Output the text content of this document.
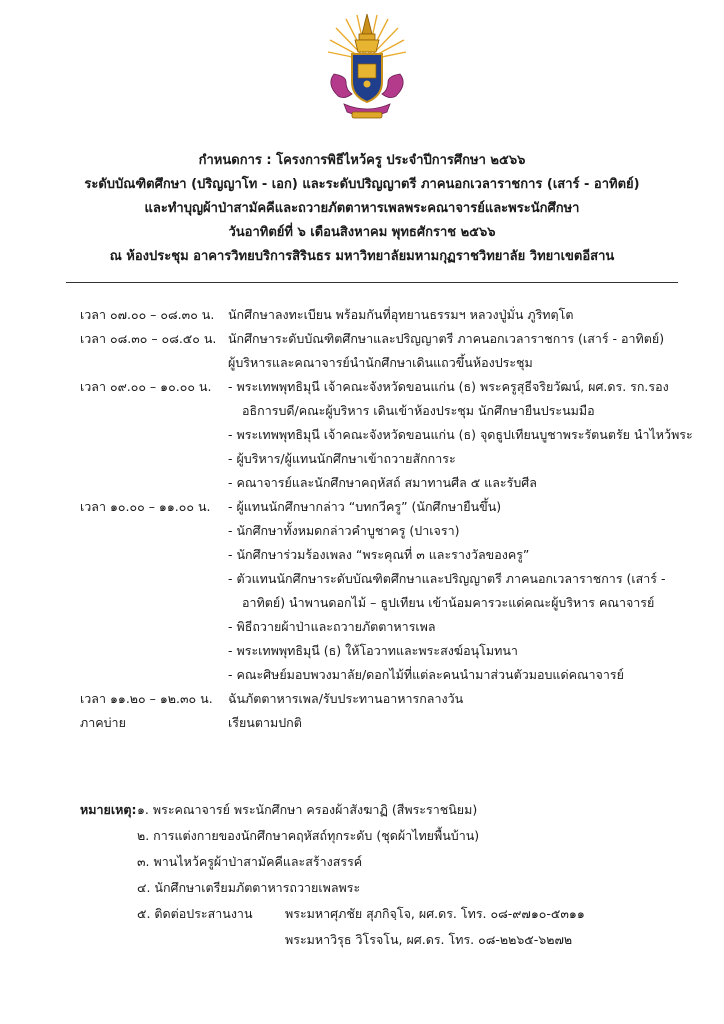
กำหนดการ : โครงการพิธีไหว้ครู ประจำปีการศึกษา ๒๕๖๖
ระดับบัณฑิตศึกษา (ปริญญาโท - เอก) และระดับปริญญาตรี ภาคนอกเวลาราชการ (เสาร์ - อาทิตย์)
และทำบุญผ้าป่าสามัคคีและถวายภัตตาหารเพลพระคณาจารย์และพระนักศึกษา
วันอาทิตย์ที่ ๖ เดือนสิงหาคม พุทธศักราช ๒๕๖๖
ณ ห้องประชุม อาคารวิทยบริการสิรินธร มหาวิทยาลัยมหามกุฏราชวิทยาลัย วิทยาเขตอีสาน
เวลา ๐๗.๐๐ – ๐๘.๓๐ น. นักศึกษาลงทะเบียน พร้อมกันที่อุทยานธรรมฯ หลวงปู่มั่น ภูริทตฺโต
เวลา ๐๘.๓๐ – ๐๘.๕๐ น. นักศึกษาระดับบัณฑิตศึกษาและปริญญาตรี ภาคนอกเวลาราชการ (เสาร์ - อาทิตย์)
ผู้บริหารและคณาจารย์นำนักศึกษาเดินแถวขึ้นห้องประชุม
เวลา ๐๙.๐๐ – ๑๐.๐๐ น. - พระเทพพุทธิมุนี เจ้าคณะจังหวัดขอนแก่น (ธ) พระครูสุธีจริยวัฒน์, ผศ.ดร. รก.รอง
อธิการบดี/คณะผู้บริหาร เดินเข้าห้องประชุม นักศึกษายืนประนมมือ
- พระเทพพุทธิมุนี เจ้าคณะจังหวัดขอนแก่น (ธ) จุดธูปเทียนบูชาพระรัตนตรัย นำไหว้พระ
- ผู้บริหาร/ผู้แทนนักศึกษาเข้าถวายสักการะ
- คณาจารย์และนักศึกษาคฤหัสถ์ สมาทานศีล ๕ และรับศีล
เวลา ๑๐.๐๐ – ๑๑.๐๐ น. - ผู้แทนนักศึกษากล่าว “บทกวีครู” (นักศึกษายืนขึ้น)
- นักศึกษาทั้งหมดกล่าวคำบูชาครู (ปาเจรา)
- นักศึกษาร่วมร้องเพลง “พระคุณที่ ๓ และรางวัลของครู”
- ตัวแทนนักศึกษาระดับบัณฑิตศึกษาและปริญญาตรี ภาคนอกเวลาราชการ (เสาร์ -
อาทิตย์) นำพานดอกไม้ – ธูปเทียน เข้าน้อมคารวะแด่คณะผู้บริหาร คณาจารย์
- พิธีถวายผ้าป่าและถวายภัตตาหารเพล
- พระเทพพุทธิมุนี (ธ) ให้โอวาทและพระสงฆ์อนุโมทนา
- คณะศิษย์มอบพวงมาลัย/ดอกไม้ที่แต่ละคนนำมาส่วนตัวมอบแด่คณาจารย์
เวลา ๑๑.๒๐ – ๑๒.๓๐ น. ฉันภัตตาหารเพล/รับประทานอาหารกลางวัน
ภาคบ่าย	เรียนตามปกติ
หมายเหตุ: ๑. พระคณาจารย์ พระนักศึกษา ครองผ้าสังฆาฏิ (สีพระราชนิยม)
๒. การแต่งกายของนักศึกษาคฤหัสถ์ทุกระดับ (ชุดผ้าไทยพื้นบ้าน)
๓. พานไหว้ครูผ้าป่าสามัคคีและสร้างสรรค์
๔. นักศึกษาเตรียมภัตตาหารถวายเพลพระ
๕. ติดต่อประสานงาน	พระมหาศุภชัย สุภกิจฺโจ, ผศ.ดร. โทร. ๐๘-๙๗๑๐-๕๓๑๑
พระมหาวิรุธ วิโรจโน, ผศ.ดร. โทร. ๐๘-๒๒๖๕-๖๒๗๒
